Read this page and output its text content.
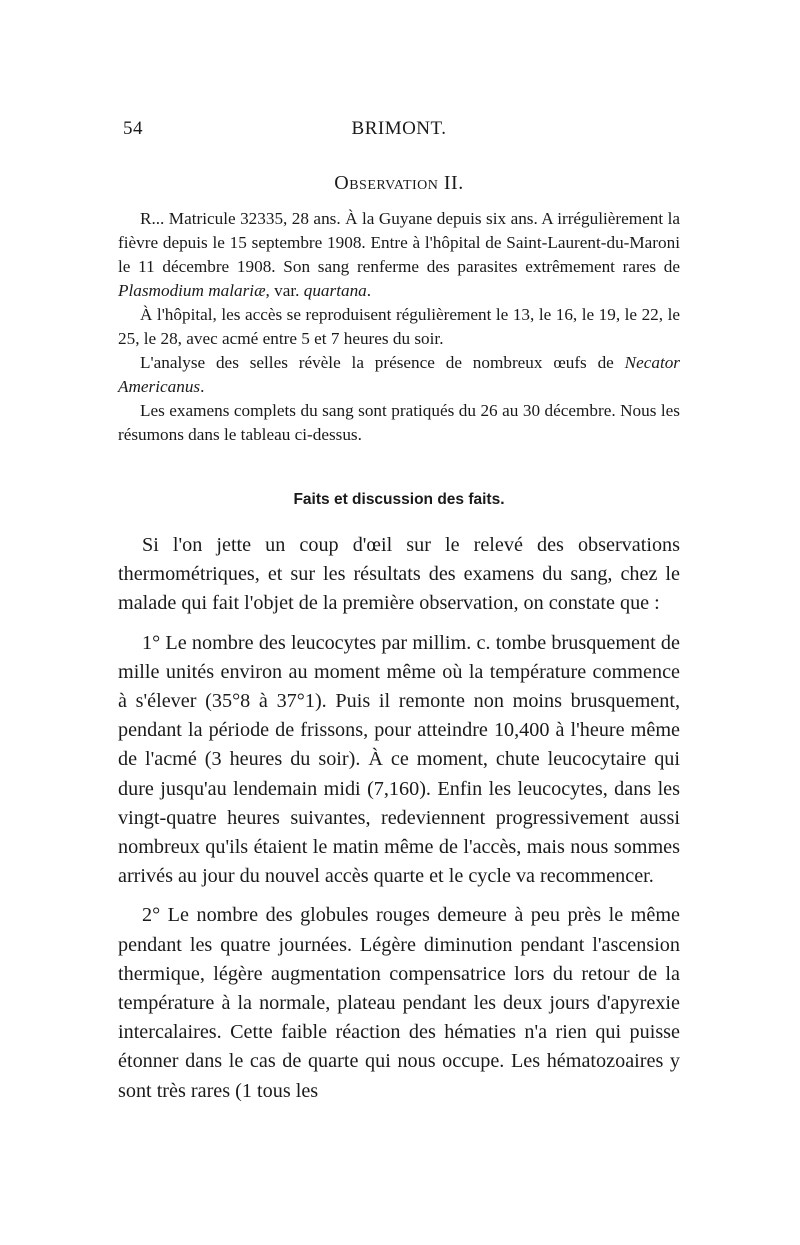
54	BRIMONT.
Observation II.

R... Matricule 32335, 28 ans. À la Guyane depuis six ans. A irrégulièrement la fièvre depuis le 15 septembre 1908. Entre à l'hôpital de Saint-Laurent-du-Maroni le 11 décembre 1908. Son sang renferme des parasites extrêmement rares de Plasmodium malariæ, var. quartana.

À l'hôpital, les accès se reproduisent régulièrement le 13, le 16, le 19, le 22, le 25, le 28, avec acmé entre 5 et 7 heures du soir.

L'analyse des selles révèle la présence de nombreux œufs de Necator Americanus.

Les examens complets du sang sont pratiqués du 26 au 30 décembre. Nous les résumons dans le tableau ci-dessus.

Faits et discussion des faits.

Si l'on jette un coup d'œil sur le relevé des observations thermométriques, et sur les résultats des examens du sang, chez le malade qui fait l'objet de la première observation, on constate que :

1° Le nombre des leucocytes par millim. c. tombe brusquement de mille unités environ au moment même où la température commence à s'élever (35°8 à 37°1). Puis il remonte non moins brusquement, pendant la période de frissons, pour atteindre 10,400 à l'heure même de l'acmé (3 heures du soir). À ce moment, chute leucocytaire qui dure jusqu'au lendemain midi (7,160). Enfin les leucocytes, dans les vingt-quatre heures suivantes, redeviennent progressivement aussi nombreux qu'ils étaient le matin même de l'accès, mais nous sommes arrivés au jour du nouvel accès quarte et le cycle va recommencer.

2° Le nombre des globules rouges demeure à peu près le même pendant les quatre journées. Légère diminution pendant l'ascension thermique, légère augmentation compensatrice lors du retour de la température à la normale, plateau pendant les deux jours d'apyrexie intercalaires. Cette faible réaction des hématies n'a rien qui puisse étonner dans le cas de quarte qui nous occupe. Les hématozoaires y sont très rares (1 tous les
